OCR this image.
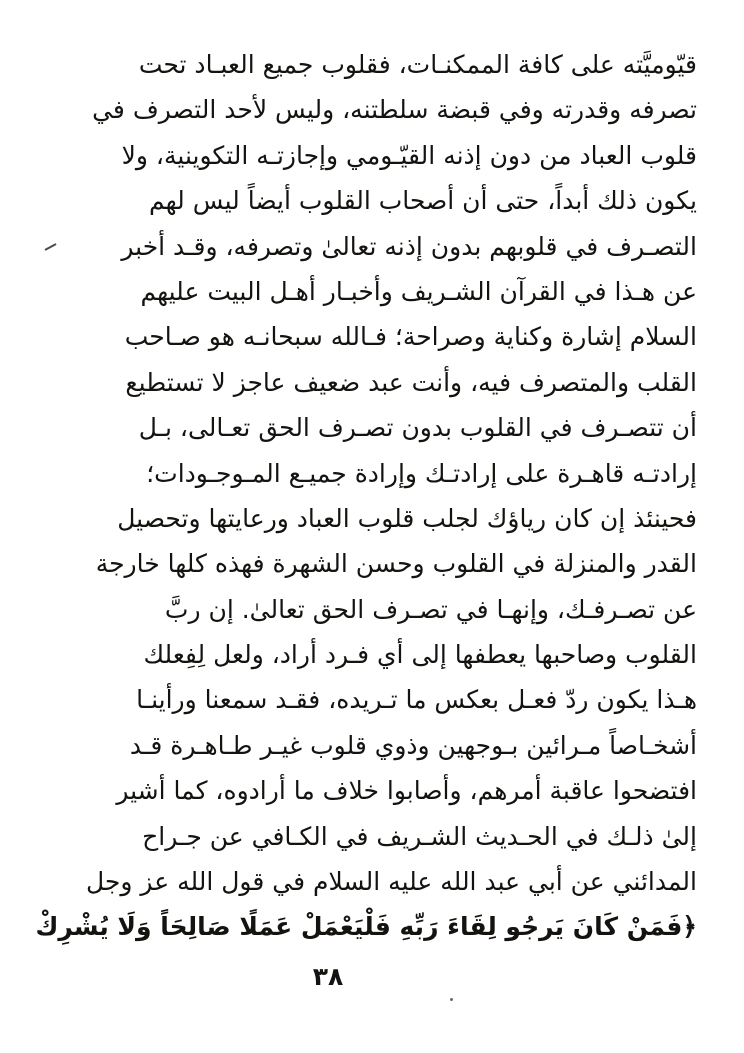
قيّوميَّته على كافة الممكنـات، فقلوب جميع العبـاد تحت
تصرفه وقدرته وفي قبضة سلطتنه، وليس لأحد التصرف في
قلوب العباد من دون إذنه القيّـومي وإجازتـه التكوينية، ولا
يكون ذلك أبداً، حتى أن أصحاب القلوب أيضاً ليس لهم
التصـرف في قلوبهم بدون إذنه تعالىٰ وتصرفه، وقـد أخبر
عن هـذا في القرآن الشـريف وأخبـار أهـل البيت عليهم
السلام إشارة وكناية وصراحة؛ فـالله سبحانـه هو صـاحب
القلب والمتصرف فيه، وأنت عبد ضعيف عاجز لا تستطيع
أن تتصـرف في القلوب بدون تصـرف الحق تعـالى، بـل
إرادتـه قاهـرة على إرادتـك وإرادة جميـع المـوجـودات؛
فحينئذ إن كان رياؤك لجلب قلوب العباد ورعايتها وتحصيل
القدر والمنزلة في القلوب وحسن الشهرة فهذه كلها خارجة
عن تصـرفـك، وإنهـا في تصـرف الحق تعالىٰ. إن ربَّ
القلوب وصاحبها يعطفها إلى أي فـرد أراد، ولعل لِفِعلك
هـذا يكون ردّ فعـل بعكس ما تـريده، فقـد سمعنا ورأينـا
أشخـاصاً مـرائين بـوجهين وذوي قلوب غيـر طـاهـرة قـد
افتضحوا عاقبة أمرهم، وأصابوا خلاف ما أرادوه، كما أشير
إلىٰ ذلـك في الحـديث الشـريف في الكـافي عن جـراح
المدائني عن أبي عبد الله عليه السلام في قول الله عز وجل
﴿فَمَنْ كَانَ يَرجُو لِقَاءَ رَبِّهِ فَلْيَعْمَلْ عَمَلًا صَالِحَاً وَلَا يُشْرِكْ
٣٨
